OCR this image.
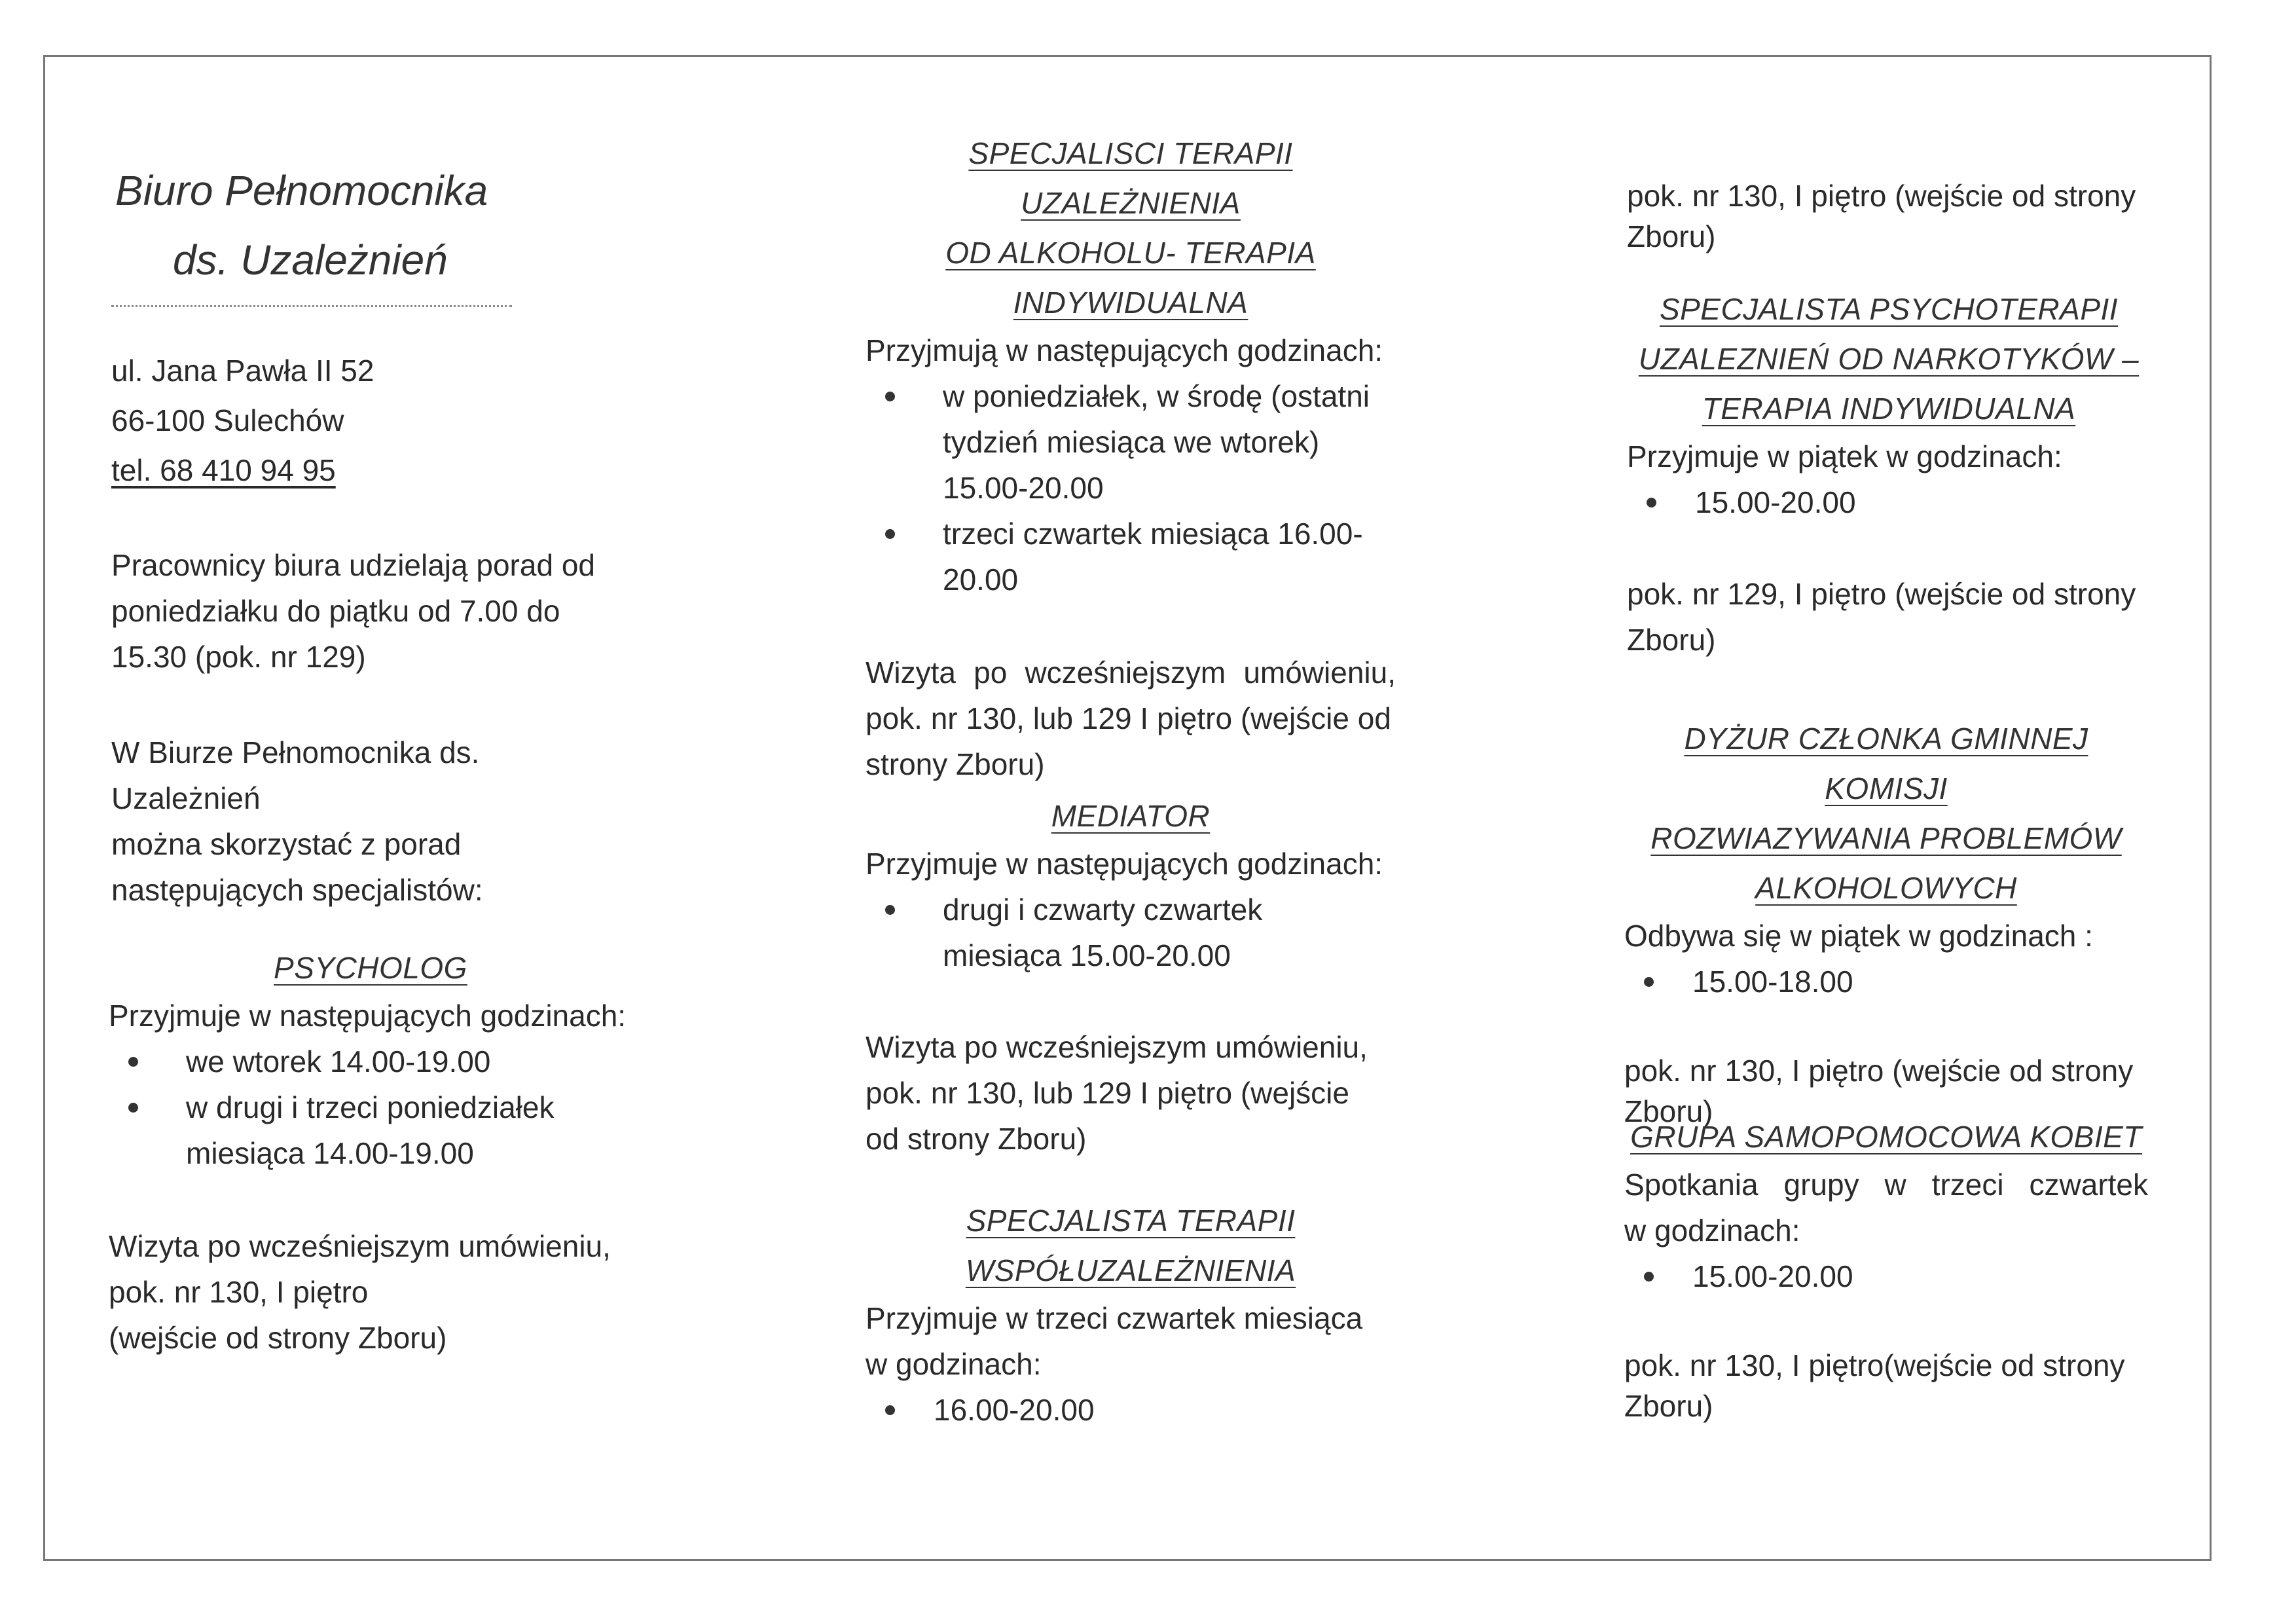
Biuro Pełnomocnika

ds. Uzależnień

ul. Jana Pawła II 52

66-100 Sulechów

tel. 68 410 94 95

Pracownicy biura udzielają porad od

poniedziałku do piątku od 7.00 do

15.30 (pok. nr 129)

W Biurze Pełnomocnika ds. Uzależnień

można skorzystać z porad

następujących specjalistów:

PSYCHOLOG

Przyjmuje w następujących godzinach:

we wtorek 14.00-19.00
w drugi i trzeci poniedziałek
miesiąca 14.00-19.00

Wizyta po wcześniejszym umówieniu,

pok. nr 130, I piętro

(wejście od strony Zboru)

SPECJALISCI TERAPII UZALEŻNIENIA

OD ALKOHOLU- TERAPIA

INDYWIDUALNA

Przyjmują w następujących godzinach:

w poniedziałek, w środę (ostatni
tydzień miesiąca we wtorek)
15.00-20.00
trzeci czwartek miesiąca 16.00-
20.00

Wizyta po wcześniejszym umówieniu,

pok. nr 130, lub 129 I piętro (wejście od

strony Zboru)

MEDIATOR

Przyjmuje w następujących godzinach:

drugi i czwarty czwartek
miesiąca 15.00-20.00

Wizyta po wcześniejszym umówieniu,

pok. nr 130, lub 129 I piętro (wejście

od strony Zboru)

SPECJALISTA TERAPII

WSPÓŁUZALEŻNIENIA

Przyjmuje w trzeci czwartek miesiąca

w godzinach:

16.00-20.00

pok. nr 130, I piętro (wejście od strony

Zboru)

SPECJALISTA PSYCHOTERAPII

UZALEZNIEŃ OD NARKOTYKÓW –

TERAPIA INDYWIDUALNA

Przyjmuje w piątek w godzinach:

15.00-20.00

pok. nr 129, I piętro (wejście od strony

Zboru)

DYŻUR CZŁONKA GMINNEJ KOMISJI

ROZWIAZYWANIA PROBLEMÓW

ALKOHOLOWYCH

Odbywa się w piątek w godzinach :

15.00-18.00

pok. nr 130, I piętro (wejście od strony

Zboru)

GRUPA SAMOPOMOCOWA KOBIET

Spotkania grupy w trzeci czwartek

w godzinach:

15.00-20.00

pok. nr 130, I piętro(wejście od strony

Zboru)
